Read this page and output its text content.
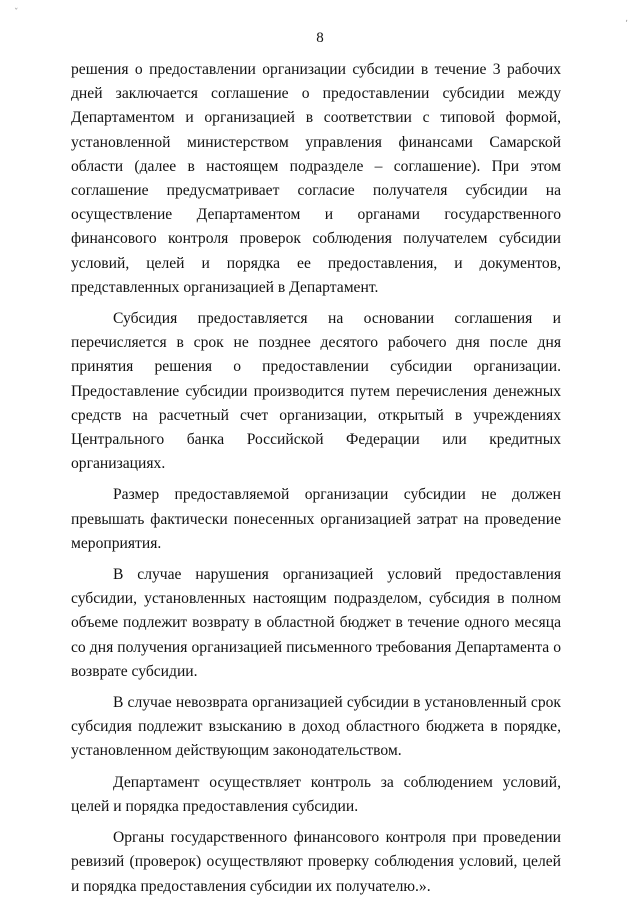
ˇ
‚
8

решения о предоставлении организации субсидии в течение 3 рабочих дней заключается соглашение о предоставлении субсидии между Департаментом и организацией в соответствии с типовой формой, установленной министерством управления финансами Самарской области (далее в настоящем подразделе – соглашение). При этом соглашение предусматривает согласие получателя субсидии на осуществление Департаментом и органами государственного финансового контроля проверок соблюдения получателем субсидии условий, целей и порядка ее предоставления, и документов, представленных организацией в Департамент.

Субсидия предоставляется на основании соглашения и перечисляется в срок не позднее десятого рабочего дня после дня принятия решения о предоставлении субсидии организации. Предоставление субсидии производится путем перечисления денежных средств на расчетный счет организации, открытый в учреждениях Центрального банка Российской Федерации или кредитных организациях.

Размер предоставляемой организации субсидии не должен превышать фактически понесенных организацией затрат на проведение мероприятия.

В случае нарушения организацией условий предоставления субсидии, установленных настоящим подразделом, субсидия в полном объеме подлежит возврату в областной бюджет в течение одного месяца со дня получения организацией письменного требования Департамента о возврате субсидии.

В случае невозврата организацией субсидии в установленный срок субсидия подлежит взысканию в доход областного бюджета в порядке, установленном действующим законодательством.

Департамент осуществляет контроль за соблюдением условий, целей и порядка предоставления субсидии.

Органы государственного финансового контроля при проведении ревизий (проверок) осуществляют проверку соблюдения условий, целей и порядка предоставления субсидии их получателю.».
